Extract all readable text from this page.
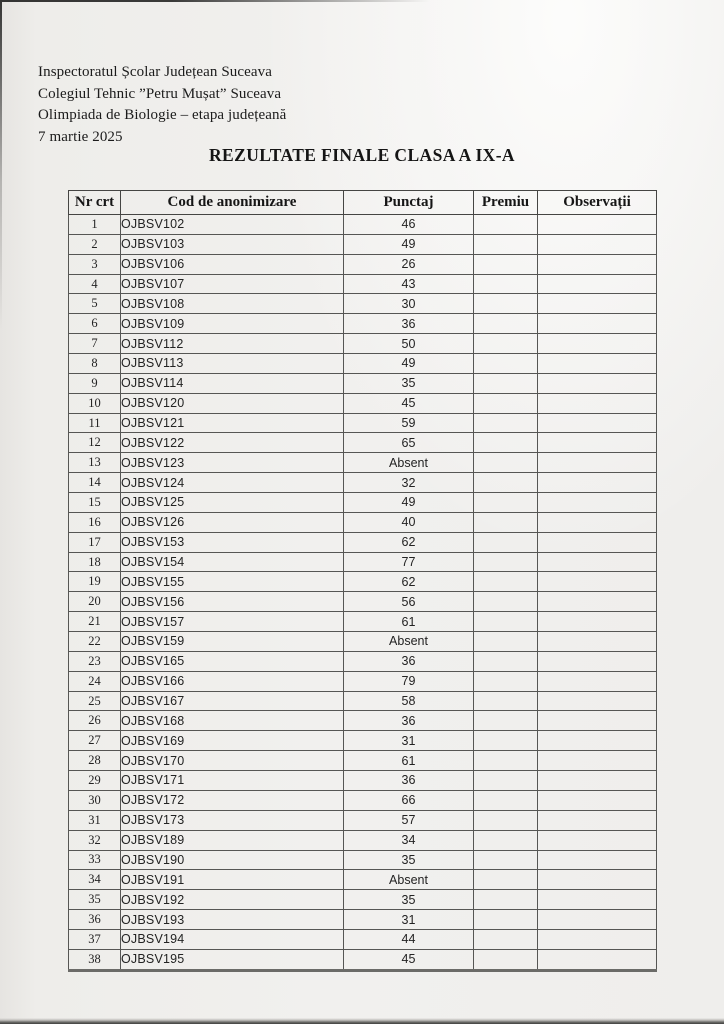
Inspectoratul Școlar Județean Suceava
Colegiul Tehnic ”Petru Mușat” Suceava
Olimpiada de Biologie – etapa județeană
7 martie 2025
REZULTATE FINALE CLASA A IX-A
Nr crt	Cod de anonimizare	Punctaj	Premiu	Observații
1	OJBSV102	46		
2	OJBSV103	49		
3	OJBSV106	26		
4	OJBSV107	43		
5	OJBSV108	30		
6	OJBSV109	36		
7	OJBSV112	50		
8	OJBSV113	49		
9	OJBSV114	35		
10	OJBSV120	45		
11	OJBSV121	59		
12	OJBSV122	65		
13	OJBSV123	Absent		
14	OJBSV124	32		
15	OJBSV125	49		
16	OJBSV126	40		
17	OJBSV153	62		
18	OJBSV154	77		
19	OJBSV155	62		
20	OJBSV156	56		
21	OJBSV157	61		
22	OJBSV159	Absent		
23	OJBSV165	36		
24	OJBSV166	79		
25	OJBSV167	58		
26	OJBSV168	36		
27	OJBSV169	31		
28	OJBSV170	61		
29	OJBSV171	36		
30	OJBSV172	66		
31	OJBSV173	57		
32	OJBSV189	34		
33	OJBSV190	35		
34	OJBSV191	Absent		
35	OJBSV192	35		
36	OJBSV193	31		
37	OJBSV194	44		
38	OJBSV195	45		
